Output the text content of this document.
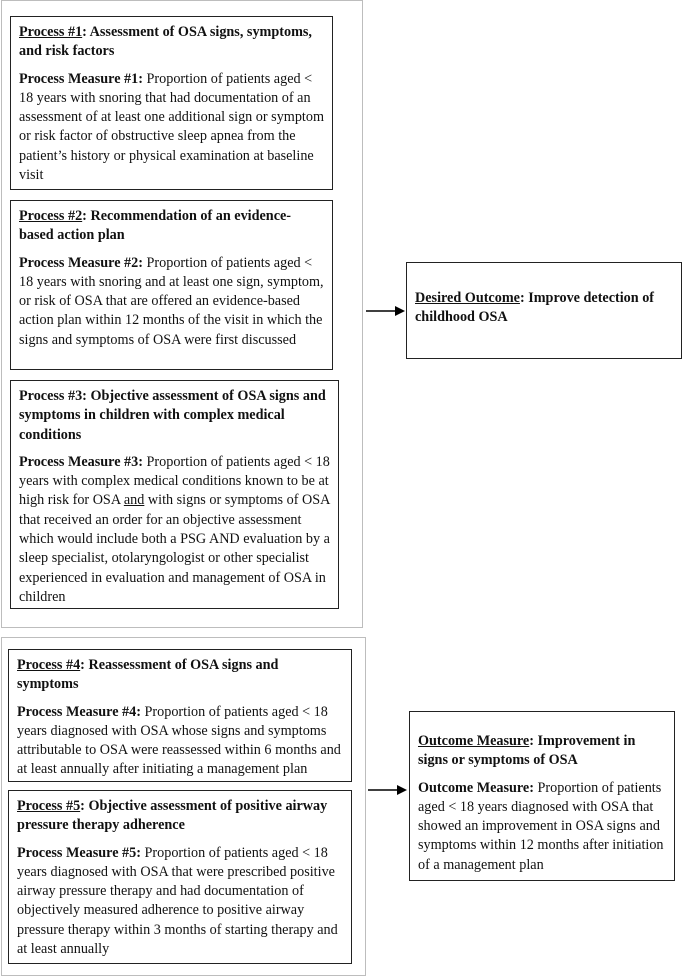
Process #1: Assessment of OSA signs, symptoms, and risk factors

Process Measure #1: Proportion of patients aged < 18 years with snoring that had documentation of an assessment of at least one additional sign or symptom or risk factor of obstructive sleep apnea from the patient’s history or physical examination at baseline visit

Process #2: Recommendation of an evidence-based action plan

Process Measure #2: Proportion of patients aged < 18 years with snoring and at least one sign, symptom, or risk of OSA that are offered an evidence-based action plan within 12 months of the visit in which the signs and symptoms of OSA were first discussed

Process #3: Objective assessment of OSA signs and symptoms in children with complex medical conditions

Process Measure #3: Proportion of patients aged < 18 years with complex medical conditions known to be at high risk for OSA and with signs or symptoms of OSA that received an order for an objective assessment which would include both a PSG AND evaluation by a sleep specialist, otolaryngologist or other specialist experienced in evaluation and management of OSA in children

Desired Outcome: Improve detection of childhood OSA

Process #4: Reassessment of OSA signs and symptoms

Process Measure #4: Proportion of patients aged < 18 years diagnosed with OSA whose signs and symptoms attributable to OSA were reassessed within 6 months and at least annually after initiating a management plan

Process #5: Objective assessment of positive airway pressure therapy adherence

Process Measure #5: Proportion of patients aged < 18 years diagnosed with OSA that were prescribed positive airway pressure therapy and had documentation of objectively measured adherence to positive airway pressure therapy within 3 months of starting therapy and at least annually

Outcome Measure: Improvement in signs or symptoms of OSA

Outcome Measure: Proportion of patients aged < 18 years diagnosed with OSA that showed an improvement in OSA signs and symptoms within 12 months after initiation of a management plan
